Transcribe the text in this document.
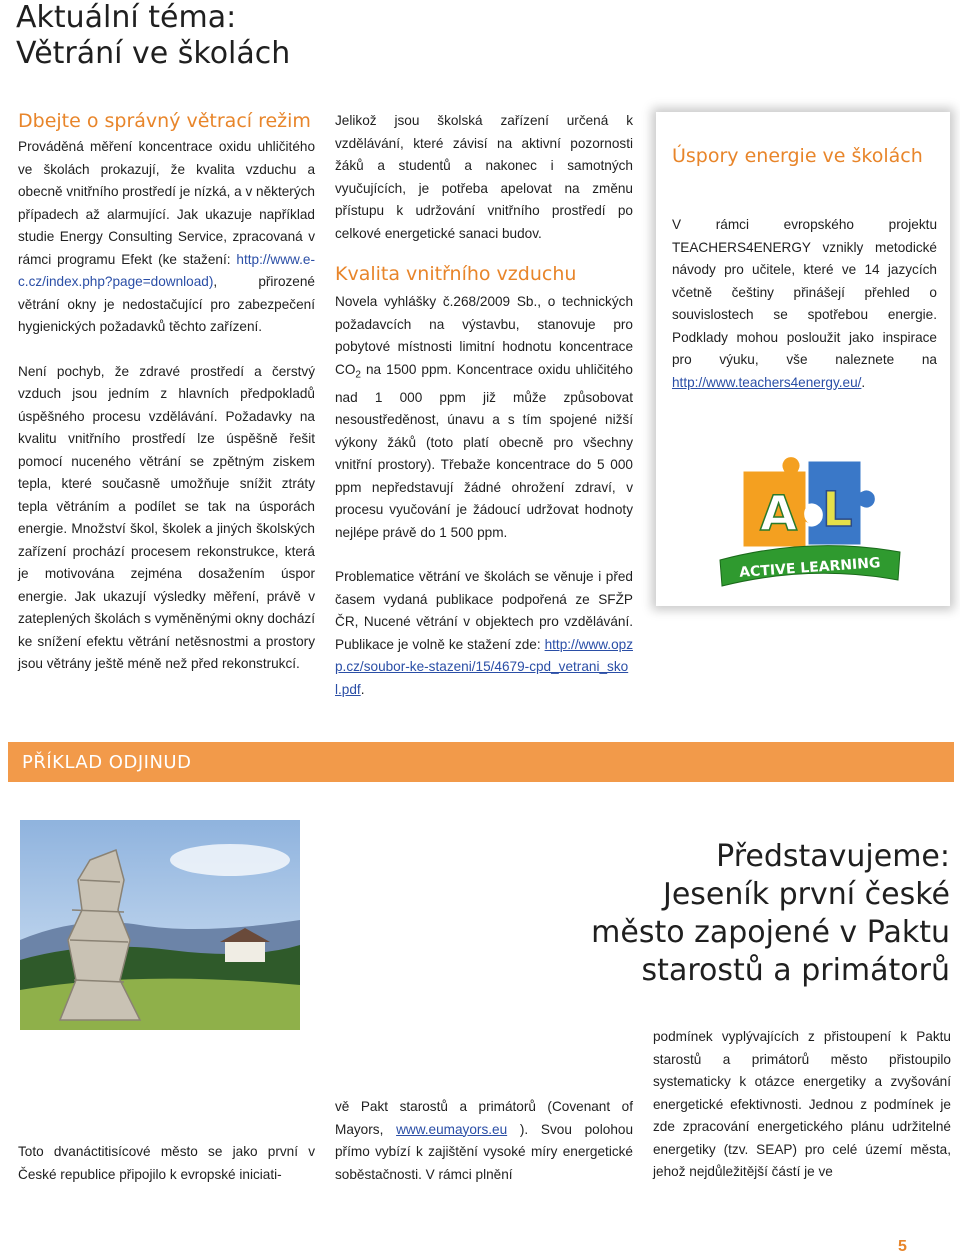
Aktuální téma:
Větrání ve školách
Dbejte o správný větrací režim

Prováděná měření koncentrace oxidu uhličitého ve školách prokazují, že kvalita vzduchu a obecně vnitřního prostředí je nízká, a v některých případech až alarmující. Jak ukazuje například studie Energy Consulting Service, zpracovaná v rámci programu Efekt (ke stažení: http://www.e-c.cz/index.php?page=download), přirozené větrání okny je nedostačující pro zabezpečení hygienických požadavků těchto zařízení.

Není pochyb, že zdravé prostředí a čerstvý vzduch jsou jedním z hlavních předpokladů úspěšného procesu vzdělávání. Požadavky na kvalitu vnitřního prostředí lze úspěšně řešit pomocí nuceného větrání se zpětným ziskem tepla, které současně umožňuje snížit ztráty tepla větráním a podílet se tak na úsporách energie. Množství škol, školek a jiných školských zařízení prochází procesem rekonstrukce, která je motivována zejména dosažením úspor energie. Jak ukazují výsledky měření, právě v zateplených školách s vyměněnými okny dochází ke snížení efektu větrání netěsnostmi a prostory jsou větrány ještě méně než před rekonstrukcí.

Jelikož jsou školská zařízení určená k vzdělávání, které závisí na aktivní pozornosti žáků a studentů a nakonec i samotných vyučujících, je potřeba apelovat na změnu přístupu k udržování vnitřního prostředí po celkové energetické sanaci budov.

Kvalita vnitřního vzduchu

Novela vyhlášky č.268/2009 Sb., o technických požadavcích na výstavbu, stanovuje pro pobytové místnosti limitní hodnotu koncentrace $CO_2$ na 1500 ppm. Koncentrace oxidu uhličitého nad 1 000 ppm již může způsobovat nesoustředěnost, únavu a s tím spojené nižší výkony žáků (toto platí obecně pro všechny vnitřní prostory). Třebaže koncentrace do 5 000 ppm nepředstavují žádné ohrožení zdraví, v procesu vyučování je žádoucí udržovat hodnoty nejlépe právě do 1 500 ppm.

Problematice větrání ve školách se věnuje i před časem vydaná publikace podpořená ze SFŽP ČR, Nucené větrání v objektech pro vzdělávání. Publikace je volně ke stažení zde: http://www.opzp.cz/soubor-ke-stazeni/15/4679-cpd_vetrani_skol.pdf.

Úspory energie ve školách
V rámci evropského projektu TEACHERS4ENERGY vznikly metodické návody pro učitele, které ve 14 jazycích včetně češtiny přinášejí přehled o souvislostech se spotřebou energie. Podklady mohou posloužit jako inspirace pro výuku, vše naleznete na http://www.teachers4energy.eu/.
A L
ACTIVE LEARNING
PŘÍKLAD ODJINUD
Představujeme:
Jeseník první české
město zapojené v Paktu
starostů a primátorů
Toto dvanáctitisícové město se jako první v České republice připojilo k evropské iniciati-
vě Pakt starostů a primátorů (Covenant of Mayors, www.eumayors.eu ). Svou polohou přímo vybízí k zajištění vysoké míry energetické soběstačnosti. V rámci plnění
podmínek vyplývajících z přistoupení k Paktu starostů a primátorů město přistoupilo systematicky k otázce energetiky a zvyšování energetické efektivnosti. Jednou z podmínek je zde zpracování energetického plánu udržitelné energetiky (tzv. SEAP) pro celé území města, jehož nejdůležitější částí je ve
5
